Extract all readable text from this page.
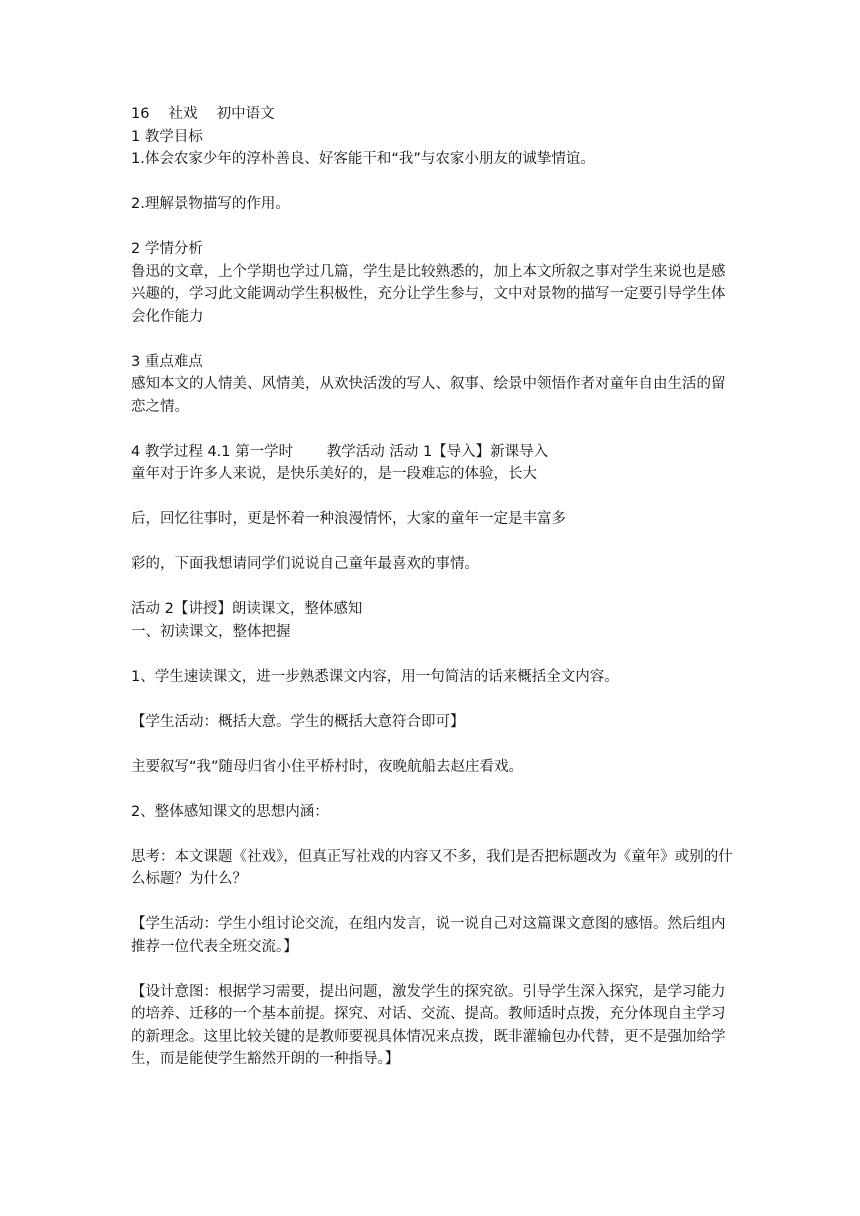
16　 社戏　 初中语文

1 教学目标

1.体会农家少年的淳朴善良、好客能干和“我”与农家小朋友的诚挚情谊。

2.理解景物描写的作用。

2 学情分析

鲁迅的文章，上个学期也学过几篇，学生是比较熟悉的，加上本文所叙之事对学生来说也是感兴趣的，学习此文能调动学生积极性，充分让学生参与，文中对景物的描写一定要引导学生体会化作能力

3 重点难点

感知本文的人情美、风情美，从欢快活泼的写人、叙事、绘景中领悟作者对童年自由生活的留恋之情。

4 教学过程 4.1 第一学时　 　教学活动 活动 1【导入】新课导入

童年对于许多人来说，是快乐美好的，是一段难忘的体验，长大

后，回忆往事时，更是怀着一种浪漫情怀，大家的童年一定是丰富多

彩的，下面我想请同学们说说自己童年最喜欢的事情。

活动 2【讲授】朗读课文，整体感知

一、初读课文，整体把握

1、学生速读课文，进一步熟悉课文内容，用一句简洁的话来概括全文内容。

【学生活动：概括大意。学生的概括大意符合即可】

主要叙写“我”随母归省小住平桥村时，夜晚航船去赵庄看戏。

2、整体感知课文的思想内涵：

思考：本文课题《社戏》，但真正写社戏的内容又不多，我们是否把标题改为《童年》或别的什么标题？为什么？

【学生活动：学生小组讨论交流，在组内发言，说一说自己对这篇课文意图的感悟。然后组内推荐一位代表全班交流。】

【设计意图：根据学习需要，提出问题，激发学生的探究欲。引导学生深入探究，是学习能力的培养、迁移的一个基本前提。探究、对话、交流、提高。教师适时点拨，充分体现自主学习的新理念。这里比较关键的是教师要视具体情况来点拨，既非灌输包办代替，更不是强加给学生，而是能使学生豁然开朗的一种指导。】
